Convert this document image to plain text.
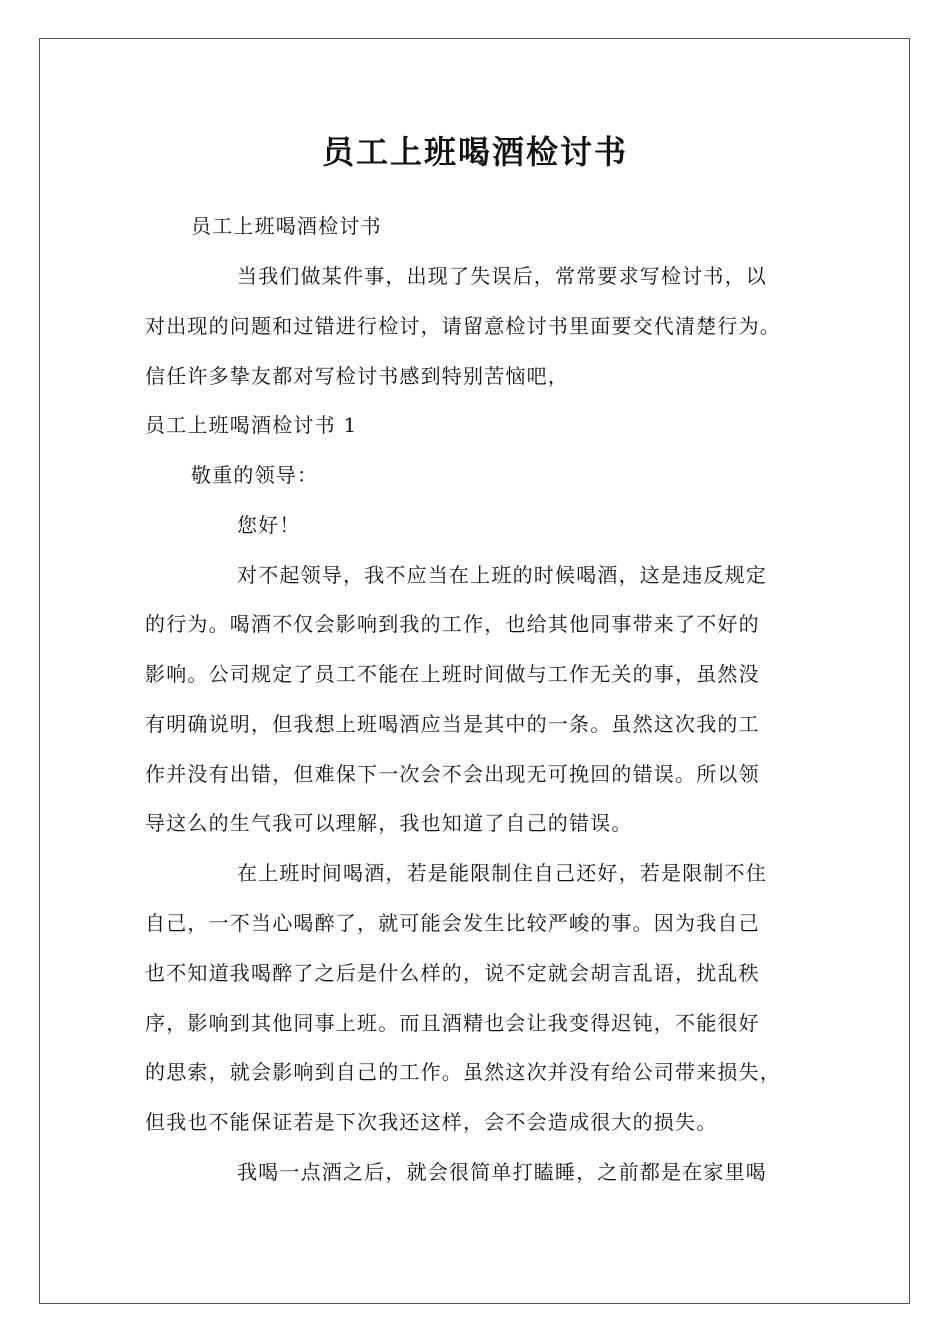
员工上班喝酒检讨书
员工上班喝酒检讨书
当我们做某件事，出现了失误后，常常要求写检讨书，以
对出现的问题和过错进行检讨，请留意检讨书里面要交代清楚行为。
信任许多挚友都对写检讨书感到特别苦恼吧，
员工上班喝酒检讨书 1
敬重的领导：
您好！
对不起领导，我不应当在上班的时候喝酒，这是违反规定
的行为。喝酒不仅会影响到我的工作，也给其他同事带来了不好的
影响。公司规定了员工不能在上班时间做与工作无关的事，虽然没
有明确说明，但我想上班喝酒应当是其中的一条。虽然这次我的工
作并没有出错，但难保下一次会不会出现无可挽回的错误。所以领
导这么的生气我可以理解，我也知道了自己的错误。
在上班时间喝酒，若是能限制住自己还好，若是限制不住
自己，一不当心喝醉了，就可能会发生比较严峻的事。因为我自己
也不知道我喝醉了之后是什么样的，说不定就会胡言乱语，扰乱秩
序，影响到其他同事上班。而且酒精也会让我变得迟钝，不能很好
的思索，就会影响到自己的工作。虽然这次并没有给公司带来损失，
但我也不能保证若是下次我还这样，会不会造成很大的损失。
我喝一点酒之后，就会很简单打瞌睡，之前都是在家里喝
